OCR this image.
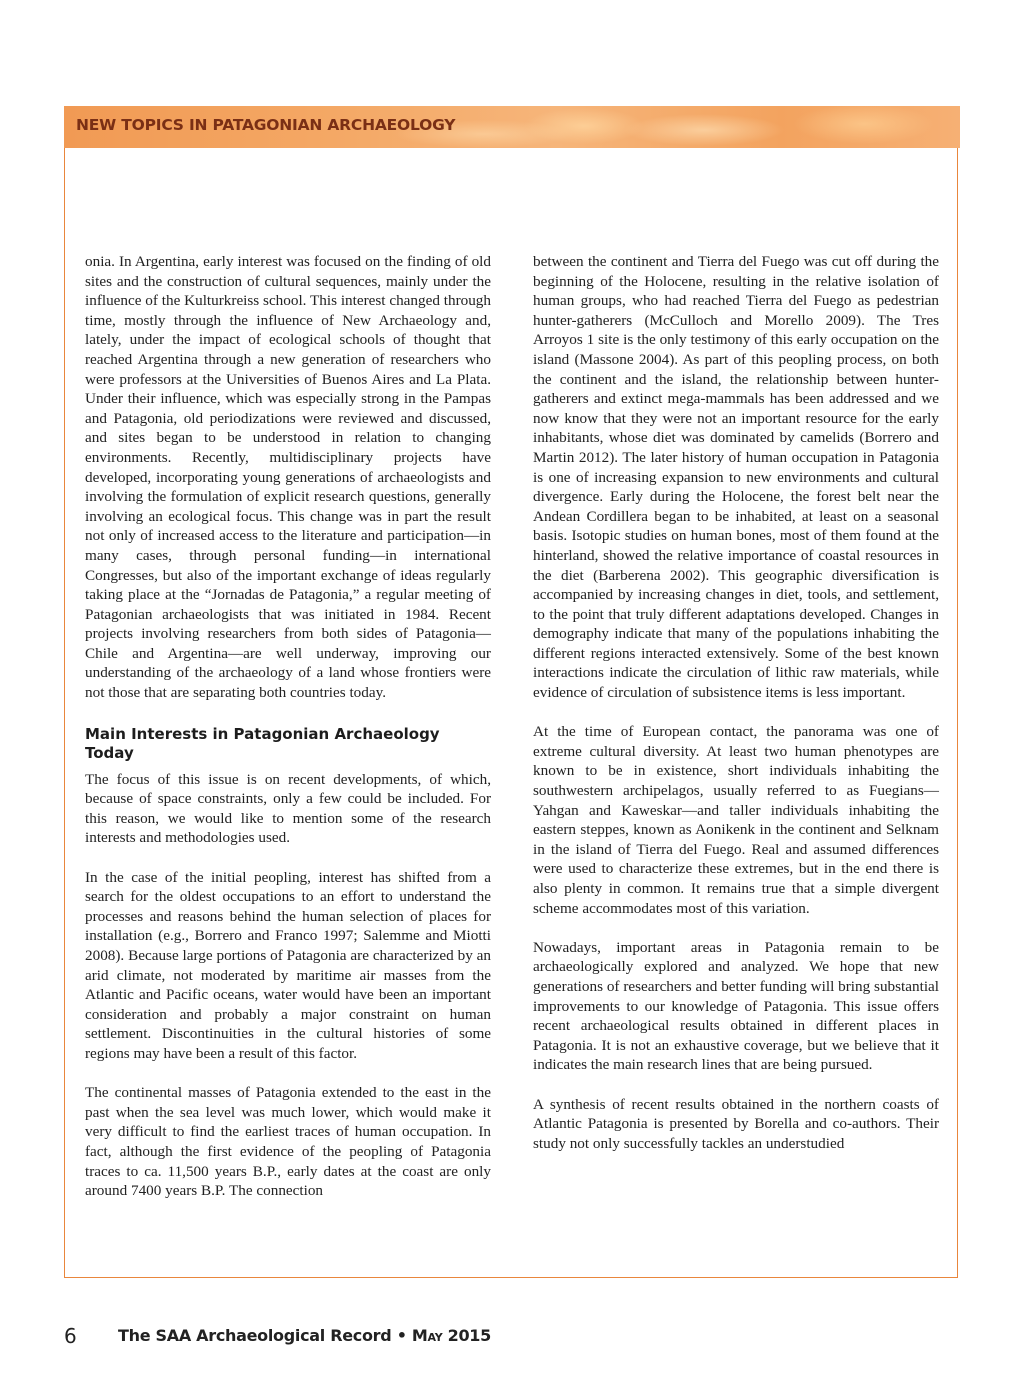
NEW TOPICS IN PATAGONIAN ARCHAEOLOGY

onia. In Argentina, early interest was focused on the finding of old sites and the construction of cultural sequences, mainly under the influence of the Kulturkreiss school. This interest changed through time, mostly through the influence of New Archaeology and, lately, under the impact of ecological schools of thought that reached Argentina through a new generation of researchers who were professors at the Universities of Buenos Aires and La Plata. Under their influence, which was especially strong in the Pampas and Patagonia, old periodizations were reviewed and discussed, and sites began to be understood in relation to changing environments. Recently, multidisciplinary projects have developed, incorporating young generations of archaeologists and involving the formulation of explicit research questions, generally involving an ecological focus. This change was in part the result not only of increased access to the literature and participation—in many cases, through personal funding—in international Congresses, but also of the important exchange of ideas regularly taking place at the “Jornadas de Patagonia,” a regular meeting of Patagonian archaeologists that was initiated in 1984. Recent projects involving researchers from both sides of Patagonia—Chile and Argentina—are well underway, improving our understanding of the archaeology of a land whose frontiers were not those that are separating both countries today.

Main Interests in Patagonian Archaeology Today

The focus of this issue is on recent developments, of which, because of space constraints, only a few could be included. For this reason, we would like to mention some of the research interests and methodologies used.

In the case of the initial peopling, interest has shifted from a search for the oldest occupations to an effort to understand the processes and reasons behind the human selection of places for installation (e.g., Borrero and Franco 1997; Salemme and Miotti 2008). Because large portions of Patagonia are characterized by an arid climate, not moderated by maritime air masses from the Atlantic and Pacific oceans, water would have been an important consideration and probably a major constraint on human settlement. Discontinuities in the cultural histories of some regions may have been a result of this factor.

The continental masses of Patagonia extended to the east in the past when the sea level was much lower, which would make it very difficult to find the earliest traces of human occupation. In fact, although the first evidence of the peopling of Patagonia traces to ca. 11,500 years B.P., early dates at the coast are only around 7400 years B.P. The connection

between the continent and Tierra del Fuego was cut off during the beginning of the Holocene, resulting in the relative isolation of human groups, who had reached Tierra del Fuego as pedestrian hunter-gatherers (McCulloch and Morello 2009). The Tres Arroyos 1 site is the only testimony of this early occupation on the island (Massone 2004). As part of this peopling process, on both the continent and the island, the relationship between hunter-gatherers and extinct mega-mammals has been addressed and we now know that they were not an important resource for the early inhabitants, whose diet was dominated by camelids (Borrero and Martin 2012). The later history of human occupation in Patagonia is one of increasing expansion to new environments and cultural divergence. Early during the Holocene, the forest belt near the Andean Cordillera began to be inhabited, at least on a seasonal basis. Isotopic studies on human bones, most of them found at the hinterland, showed the relative importance of coastal resources in the diet (Barberena 2002). This geographic diversification is accompanied by increasing changes in diet, tools, and settlement, to the point that truly different adaptations developed. Changes in demography indicate that many of the populations inhabiting the different regions interacted extensively. Some of the best known interactions indicate the circulation of lithic raw materials, while evidence of circulation of subsistence items is less important.

At the time of European contact, the panorama was one of extreme cultural diversity. At least two human phenotypes are known to be in existence, short individuals inhabiting the southwestern archipelagos, usually referred to as Fuegians—Yahgan and Kaweskar—and taller individuals inhabiting the eastern steppes, known as Aonikenk in the continent and Selknam in the island of Tierra del Fuego. Real and assumed differences were used to characterize these extremes, but in the end there is also plenty in common. It remains true that a simple divergent scheme accommodates most of this variation.

Nowadays, important areas in Patagonia remain to be archaeologically explored and analyzed. We hope that new generations of researchers and better funding will bring substantial improvements to our knowledge of Patagonia. This issue offers recent archaeological results obtained in different places in Patagonia. It is not an exhaustive coverage, but we believe that it indicates the main research lines that are being pursued.

A synthesis of recent results obtained in the northern coasts of Atlantic Patagonia is presented by Borella and co-authors. Their study not only successfully tackles an understudied

6	The SAA Archaeological Record • May 2015
